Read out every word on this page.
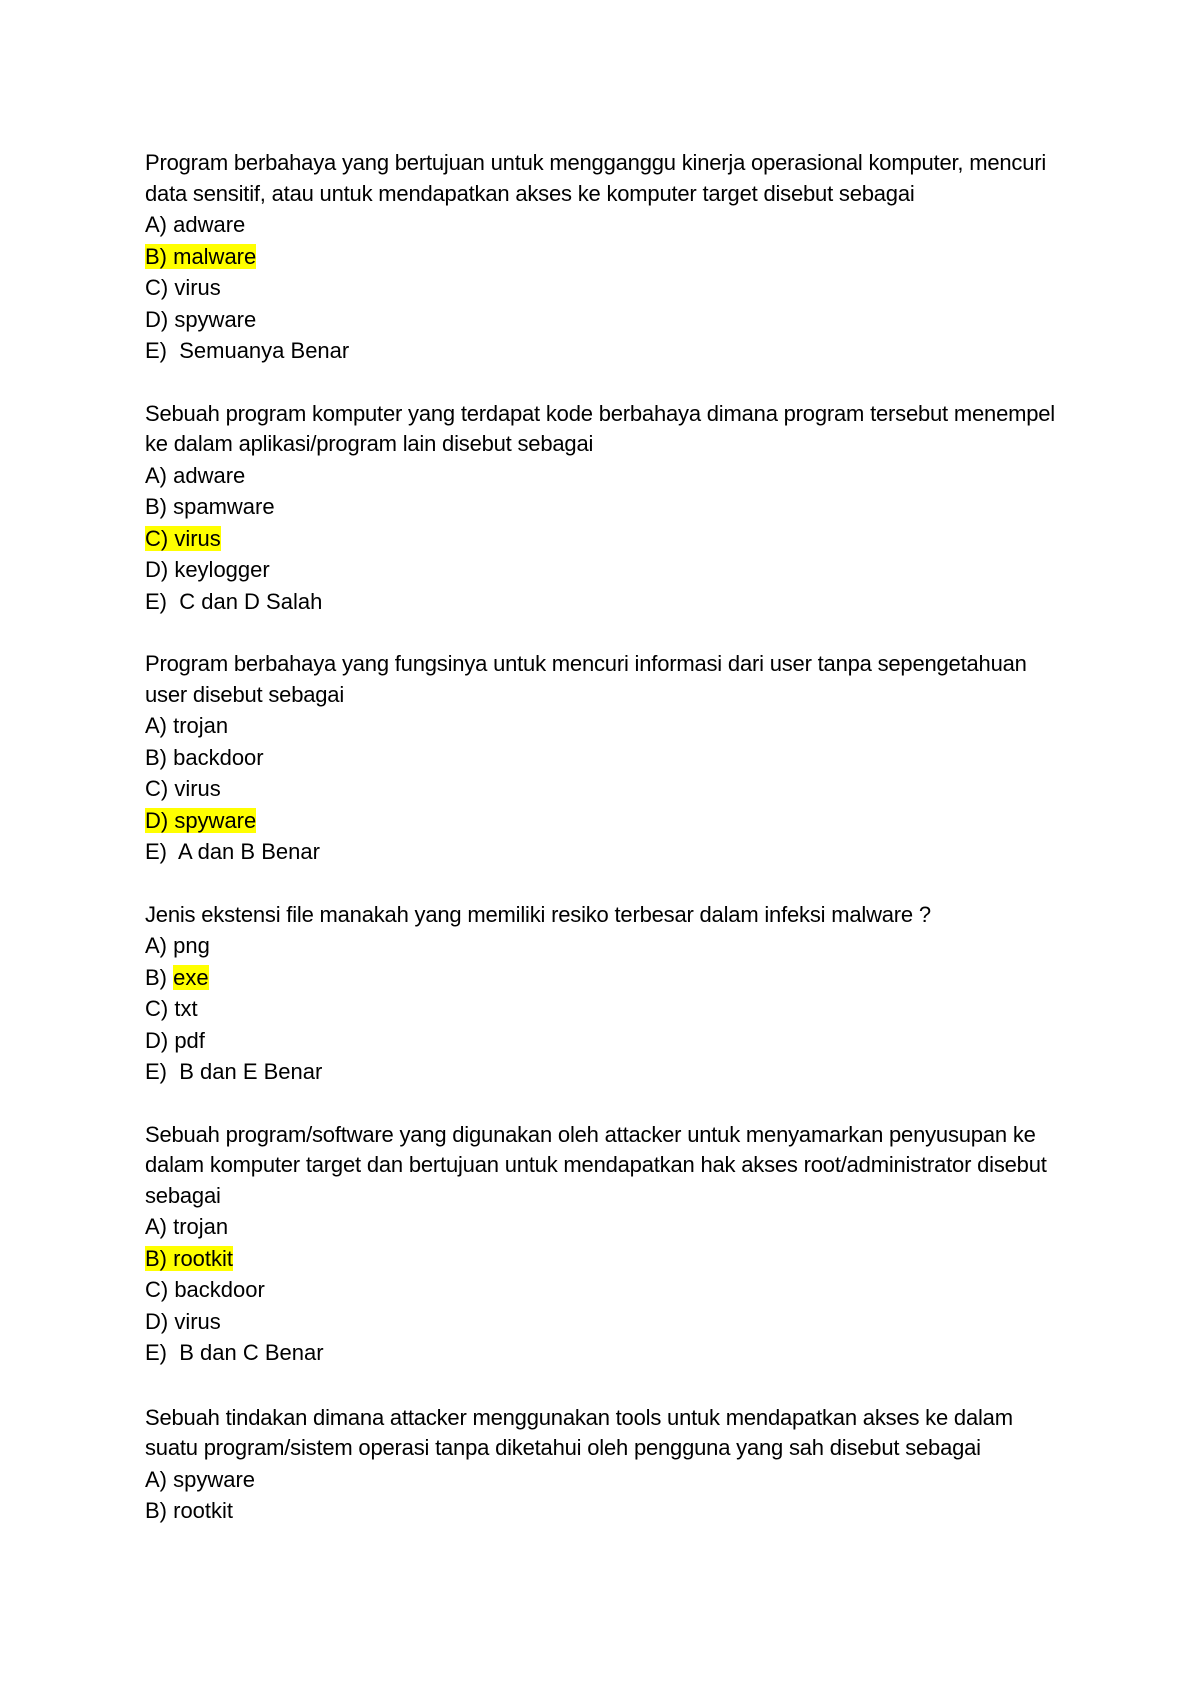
Program berbahaya yang bertujuan untuk mengganggu kinerja operasional komputer, mencuri data sensitif, atau untuk mendapatkan akses ke komputer target disebut sebagai

A) adware

B) malware

C) virus

D) spyware

E)  Semuanya Benar

Sebuah program komputer yang terdapat kode berbahaya dimana program tersebut menempel ke dalam aplikasi/program lain disebut sebagai

A) adware

B) spamware

C) virus

D) keylogger

E)  C dan D Salah

Program berbahaya yang fungsinya untuk mencuri informasi dari user tanpa sepengetahuan user disebut sebagai

A) trojan

B) backdoor

C) virus

D) spyware

E)  A dan B Benar

Jenis ekstensi file manakah yang memiliki resiko terbesar dalam infeksi malware ?

A) png

B) exe

C) txt

D) pdf

E)  B dan E Benar

Sebuah program/software yang digunakan oleh attacker untuk menyamarkan penyusupan ke dalam komputer target dan bertujuan untuk mendapatkan hak akses root/administrator disebut sebagai

A) trojan

B) rootkit

C) backdoor

D) virus

E)  B dan C Benar

Sebuah tindakan dimana attacker menggunakan tools untuk mendapatkan akses ke dalam suatu program/sistem operasi tanpa diketahui oleh pengguna yang sah disebut sebagai

A) spyware

B) rootkit
